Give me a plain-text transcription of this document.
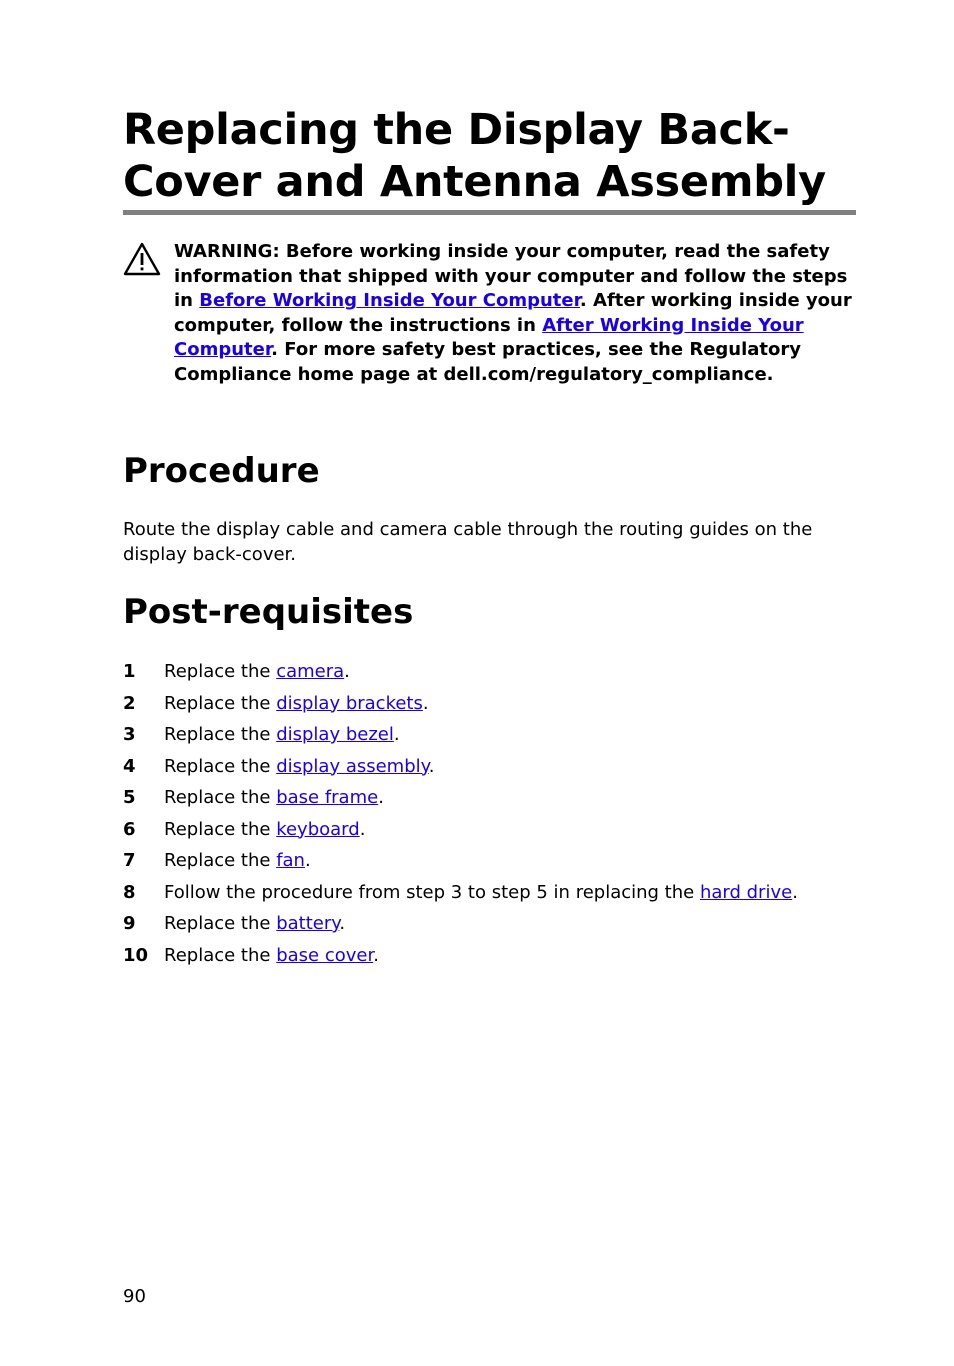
Replacing the Display Back-Cover and Antenna Assembly
WARNING: Before working inside your computer, read the safety information that shipped with your computer and follow the steps in Before Working Inside Your Computer. After working inside your computer, follow the instructions in After Working Inside Your Computer. For more safety best practices, see the Regulatory Compliance home page at dell.com/regulatory_compliance.
Procedure

Route the display cable and camera cable through the routing guides on the display back-cover.

Post-requisites
1	Replace the camera.
2	Replace the display brackets.
3	Replace the display bezel.
4	Replace the display assembly.
5	Replace the base frame.
6	Replace the keyboard.
7	Replace the fan.
8	Follow the procedure from step 3 to step 5 in replacing the hard drive.
9	Replace the battery.
10 Replace the base cover.
90
